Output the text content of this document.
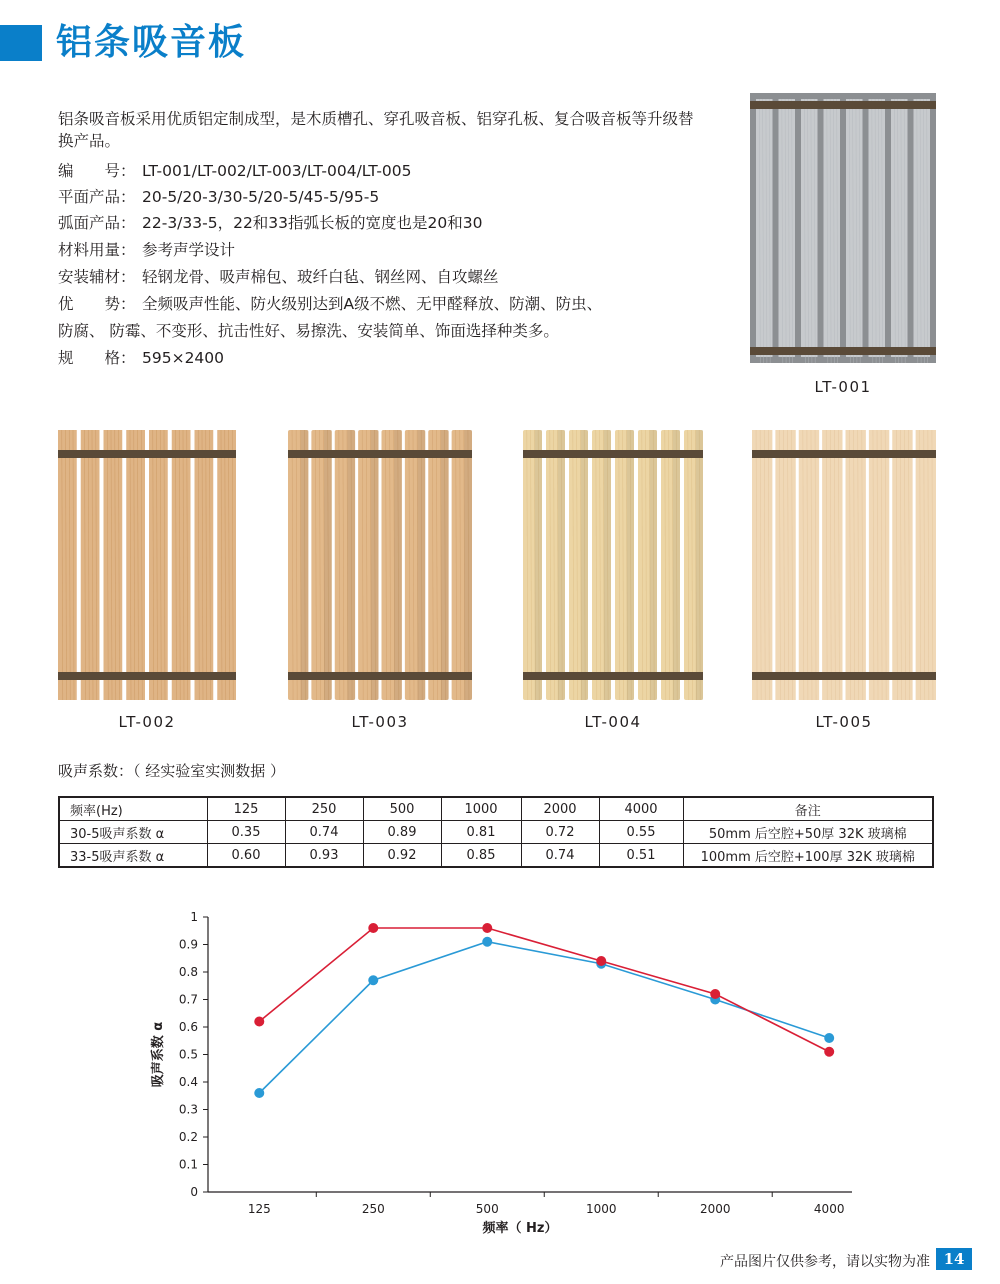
铝条吸音板

铝条吸音板采用优质铝定制成型，是木质槽孔、穿孔吸音板、铝穿孔板、复合吸音板等升级替换产品。

编　　号： LT-001/LT-002/LT-003/LT-004/LT-005
平面产品： 20-5/20-3/30-5/20-5/45-5/95-5
弧面产品： 22-3/33-5，22和33指弧长板的宽度也是20和30
材料用量： 参考声学设计
安装辅材： 轻钢龙骨、吸声棉包、玻纤白毡、钢丝网、自攻螺丝
优　　势： 全频吸声性能、防火级别达到A级不燃、无甲醛释放、防潮、防虫、
防腐、 防霉、不变形、抗击性好、易擦洗、安装简单、饰面选择种类多。
规　　格： 595×2400
LT-001
LT-002	LT-003	LT-004	LT-005
吸声系数：（ 经实验室实测数据 ）
频率(Hz)	125	250	500	1000	2000	4000	备注
30-5吸声系数 α	0.35	0.74	0.89	0.81	0.72	0.55	50mm 后空腔+50厚 32K 玻璃棉
33-5吸声系数 α	0.60	0.93	0.92	0.85	0.74	0.51	100mm 后空腔+100厚 32K 玻璃棉
0
0.1
0.2
0.3
0.4
0.5
0.6
0.7
0.8
0.9
1
125	250	500	1000	2000	4000
频率（ Hz）
吸声系数 α
产品图片仅供参考，请以实物为准 14
